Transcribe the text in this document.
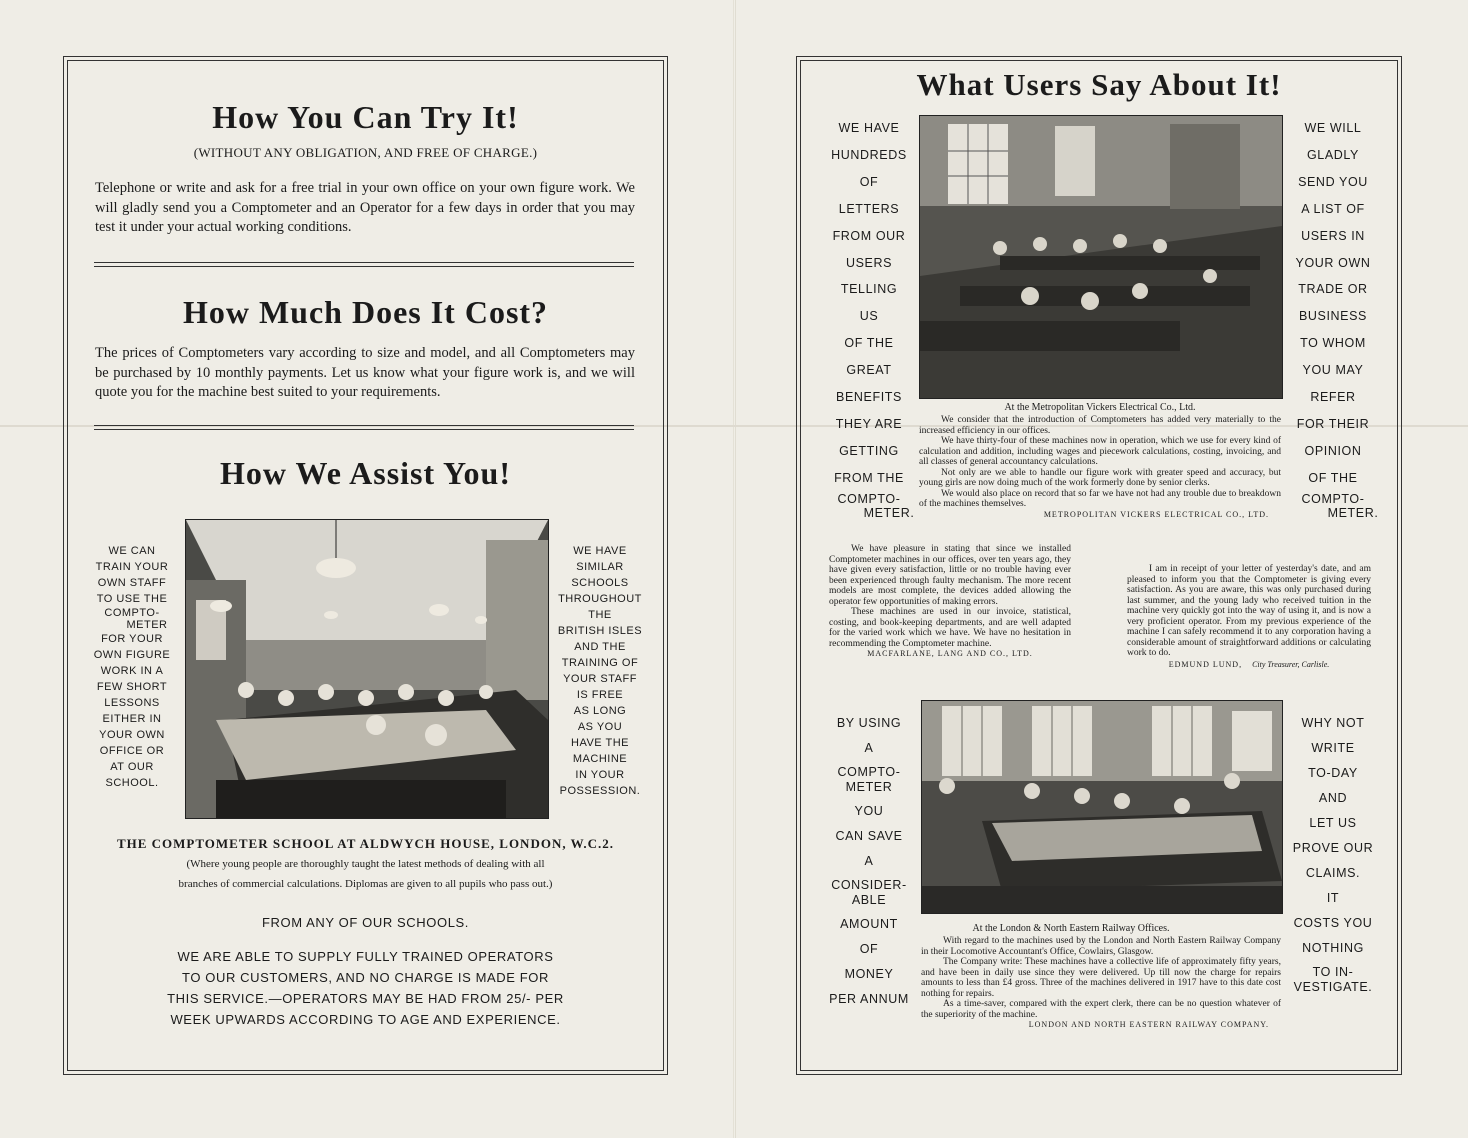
How You Can Try It!
(WITHOUT ANY OBLIGATION, AND FREE OF CHARGE.)
Telephone or write and ask for a free trial in your own office on your own figure work. We will gladly send you a Comptometer and an Operator for a few days in order that you may test it under your actual working conditions.
How Much Does It Cost?
The prices of Comptometers vary according to size and model, and all Comptometers may be purchased by 10 monthly payments. Let us know what your figure work is, and we will quote you for the machine best suited to your requirements.
How We Assist You!
WE CAN
TRAIN YOUR
OWN STAFF
TO USE THE
COMPTO-
METER
FOR YOUR
OWN FIGURE
WORK IN A
FEW SHORT
LESSONS
EITHER IN
YOUR OWN
OFFICE OR
AT OUR
SCHOOL.
WE HAVE
SIMILAR
SCHOOLS
THROUGHOUT
THE
BRITISH ISLES
AND THE
TRAINING OF
YOUR STAFF
IS FREE
AS LONG
AS YOU
HAVE THE
MACHINE
IN YOUR
POSSESSION.
THE COMPTOMETER SCHOOL AT ALDWYCH HOUSE, LONDON, W.C.2.
(Where young people are thoroughly taught the latest methods of dealing with all
branches of commercial calculations. Diplomas are given to all pupils who pass out.)
FROM ANY OF OUR SCHOOLS.
WE ARE ABLE TO SUPPLY FULLY TRAINED OPERATORS
TO OUR CUSTOMERS, AND NO CHARGE IS MADE FOR
THIS SERVICE.—OPERATORS MAY BE HAD FROM 25/- PER
WEEK UPWARDS ACCORDING TO AGE AND EXPERIENCE.
What Users Say About It!
WE HAVE
HUNDREDS
OF
LETTERS
FROM OUR
USERS
TELLING
US
OF THE
GREAT
BENEFITS
THEY ARE
GETTING
FROM THE
COMPTO-
METER.
WE WILL
GLADLY
SEND YOU
A LIST OF
USERS IN
YOUR OWN
TRADE OR
BUSINESS
TO WHOM
YOU MAY
REFER
FOR THEIR
OPINION
OF THE
COMPTO-
METER.
At the Metropolitan Vickers Electrical Co., Ltd.
We consider that the introduction of Comptometers has added very materially to the increased efficiency in our offices.
We have thirty-four of these machines now in operation, which we use for every kind of calculation and addition, including wages and piecework calculations, costing, invoicing, and all classes of general accountancy calculations.
Not only are we able to handle our figure work with greater speed and accuracy, but young girls are now doing much of the work formerly done by senior clerks.
We would also place on record that so far we have not had any trouble due to breakdown of the machines themselves.
METROPOLITAN VICKERS ELECTRICAL CO., LTD.
We have pleasure in stating that since we installed Comptometer machines in our offices, over ten years ago, they have given every satisfaction, little or no trouble having ever been experienced through faulty mechanism. The more recent models are most complete, the devices added allowing the operator few opportunities of making errors.
These machines are used in our invoice, statistical, costing, and book-keeping departments, and are well adapted for the varied work which we have. We have no hesitation in recommending the Comptometer machine.
MACFARLANE, LANG AND CO., LTD.
I am in receipt of your letter of yesterday's date, and am pleased to inform you that the Comptometer is giving every satisfaction. As you are aware, this was only purchased during last summer, and the young lady who received tuition in the machine very quickly got into the way of using it, and is now a very proficient operator. From my previous experience of the machine I can safely recommend it to any corporation having a considerable amount of straightforward additions or calculating work to do.
EDMUND LUND, City Treasurer, Carlisle.
BY USING
A
COMPTO-
METER
YOU
CAN SAVE
A
CONSIDER-
ABLE
AMOUNT
OF
MONEY
PER ANNUM
WHY NOT
WRITE
TO-DAY
AND
LET US
PROVE OUR
CLAIMS.
IT
COSTS YOU
NOTHING
TO IN-
VESTIGATE.
At the London & North Eastern Railway Offices.
With regard to the machines used by the London and North Eastern Railway Company in their Locomotive Accountant's Office, Cowlairs, Glasgow.
The Company write: These machines have a collective life of approximately fifty years, and have been in daily use since they were delivered. Up till now the charge for repairs amounts to less than £4 gross. Three of the machines delivered in 1917 have to this date cost nothing for repairs.
As a time-saver, compared with the expert clerk, there can be no question whatever of the superiority of the machine.
LONDON AND NORTH EASTERN RAILWAY COMPANY.
